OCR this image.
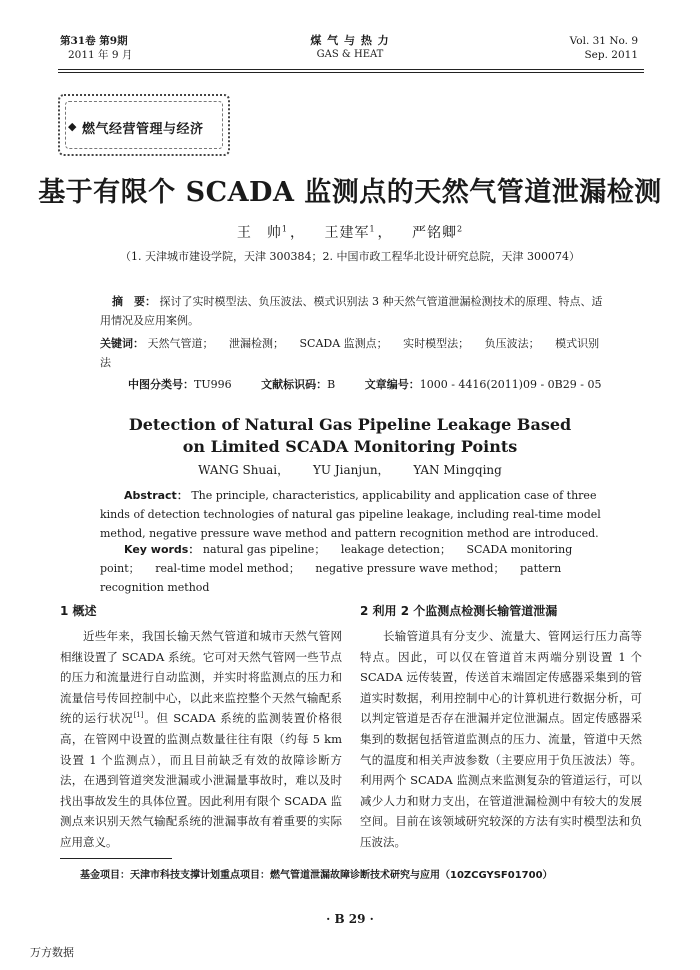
第31卷 第9期
2011 年 9 月
煤 气 与 热 力
GAS & HEAT
Vol. 31 No. 9
Sep. 2011
◆ 燃气经营管理与经济
基于有限个 SCADA 监测点的天然气管道泄漏检测
王　帅$^1$ ， 王建军$^1$ ， 严铭卿$^2$
（1. 天津城市建设学院，天津 300384；2. 中国市政工程华北设计研究总院，天津 300074）
摘　要： 探讨了实时模型法、负压波法、模式识别法 3 种天然气管道泄漏检测技术的原理、特点、适用情况及应用案例。
关键词： 天然气管道； 泄漏检测； SCADA 监测点； 实时模型法； 负压波法； 模式识别法
中图分类号：TU996	文献标识码：B	文章编号：1000 - 4416(2011)09 - 0B29 - 05
Detection of Natural Gas Pipeline Leakage Based
on Limited SCADA Monitoring Points
WANG Shuai， YU Jianjun， YAN Mingqing
Abstract： The principle, characteristics, applicability and application case of three kinds of detection technologies of natural gas pipeline leakage, including real-time model method, negative pressure wave method and pattern recognition method are introduced.
Key words： natural gas pipeline； leakage detection； SCADA monitoring point； real-time model method； negative pressure wave method； pattern recognition method
1 概述

近些年来，我国长输天然气管道和城市天然气管网相继设置了 SCADA 系统。它可对天然气管网一些节点的压力和流量进行自动监测，并实时将监测点的压力和流量信号传回控制中心，以此来监控整个天然气输配系统的运行状况[1]。但 SCADA 系统的监测装置价格很高，在管网中设置的监测点数量往往有限（约每 5 km 设置 1 个监测点），而且目前缺乏有效的故障诊断方法，在遇到管道突发泄漏或小泄漏量事故时，难以及时找出事故发生的具体位置。因此利用有限个 SCADA 监测点来识别天然气输配系统的泄漏事故有着重要的实际应用意义。

2 利用 2 个监测点检测长输管道泄漏

长输管道具有分支少、流量大、管网运行压力高等特点。因此，可以仅在管道首末两端分别设置 1 个 SCADA 远传装置，传送首末端固定传感器采集到的管道实时数据，利用控制中心的计算机进行数据分析，可以判定管道是否存在泄漏并定位泄漏点。固定传感器采集到的数据包括管道监测点的压力、流量，管道中天然气的温度和相关声波参数（主要应用于负压波法）等。利用两个 SCADA 监测点来监测复杂的管道运行，可以减少人力和财力支出，在管道泄漏检测中有较大的发展空间。目前在该领域研究较深的方法有实时模型法和负压波法。

基金项目：天津市科技支撑计划重点项目：燃气管道泄漏故障诊断技术研究与应用（10ZCGYSF01700）
· B 29 ·
万方数据
